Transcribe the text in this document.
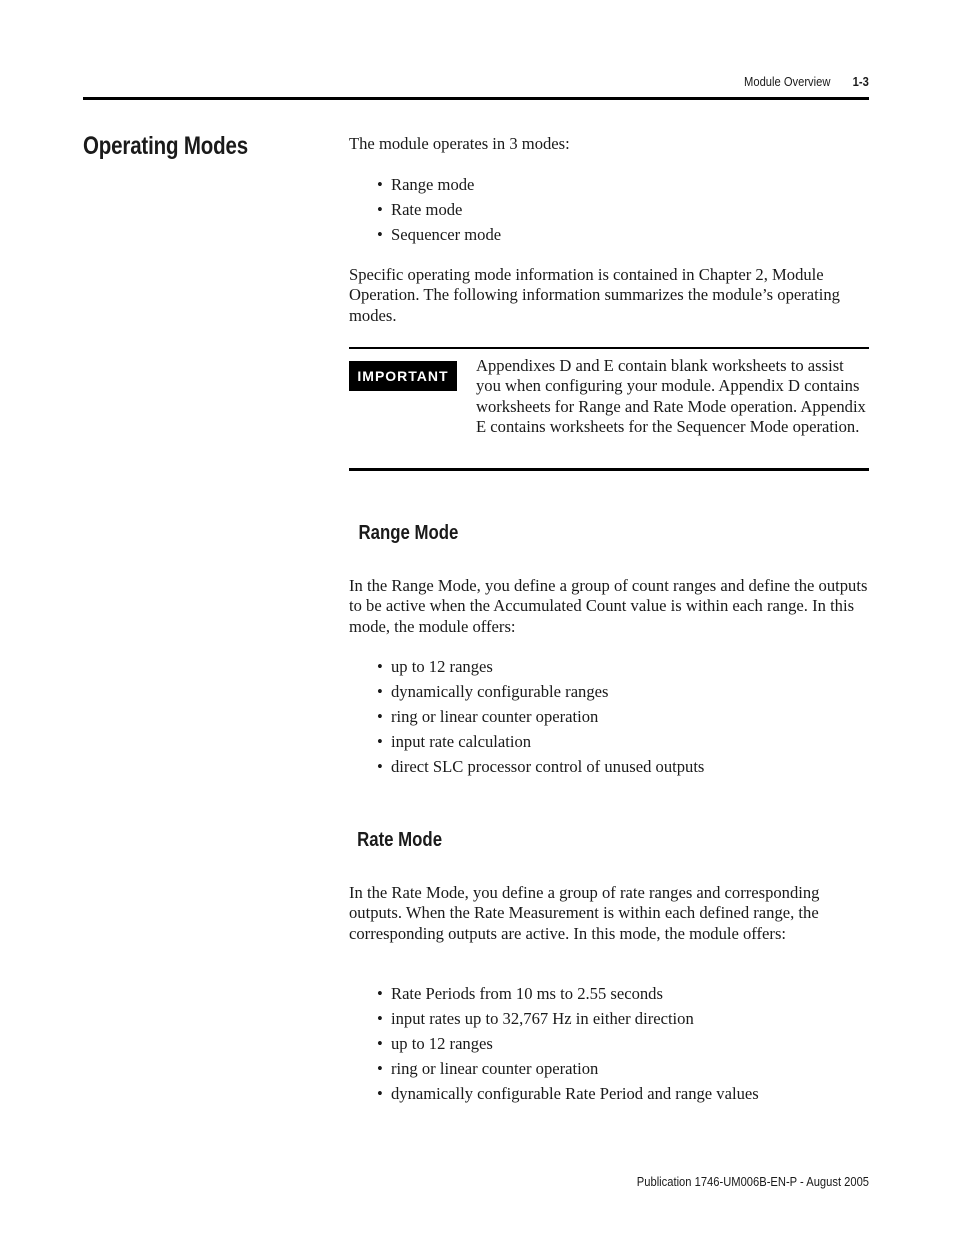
Module Overview 1-3
Operating Modes	The module operates in 3 modes:
• Range mode
• Rate mode
• Sequencer mode
Specific operating mode information is contained in Chapter 2, Module Operation. The following information summarizes the module’s operating modes.
IMPORTANT
Appendixes D and E contain blank worksheets to assist you when configuring your module. Appendix D contains worksheets for Range and Rate Mode operation. Appendix E contains worksheets for the Sequencer Mode operation.
Range Mode
In the Range Mode, you define a group of count ranges and define the outputs to be active when the Accumulated Count value is within each range. In this mode, the module offers:
• up to 12 ranges
• dynamically configurable ranges
• ring or linear counter operation
• input rate calculation
• direct SLC processor control of unused outputs
Rate Mode
In the Rate Mode, you define a group of rate ranges and corresponding outputs. When the Rate Measurement is within each defined range, the corresponding outputs are active. In this mode, the module offers:
• Rate Periods from 10 ms to 2.55 seconds
• input rates up to 32,767 Hz in either direction
• up to 12 ranges
• ring or linear counter operation
• dynamically configurable Rate Period and range values
Publication 1746-UM006B-EN-P - August 2005
